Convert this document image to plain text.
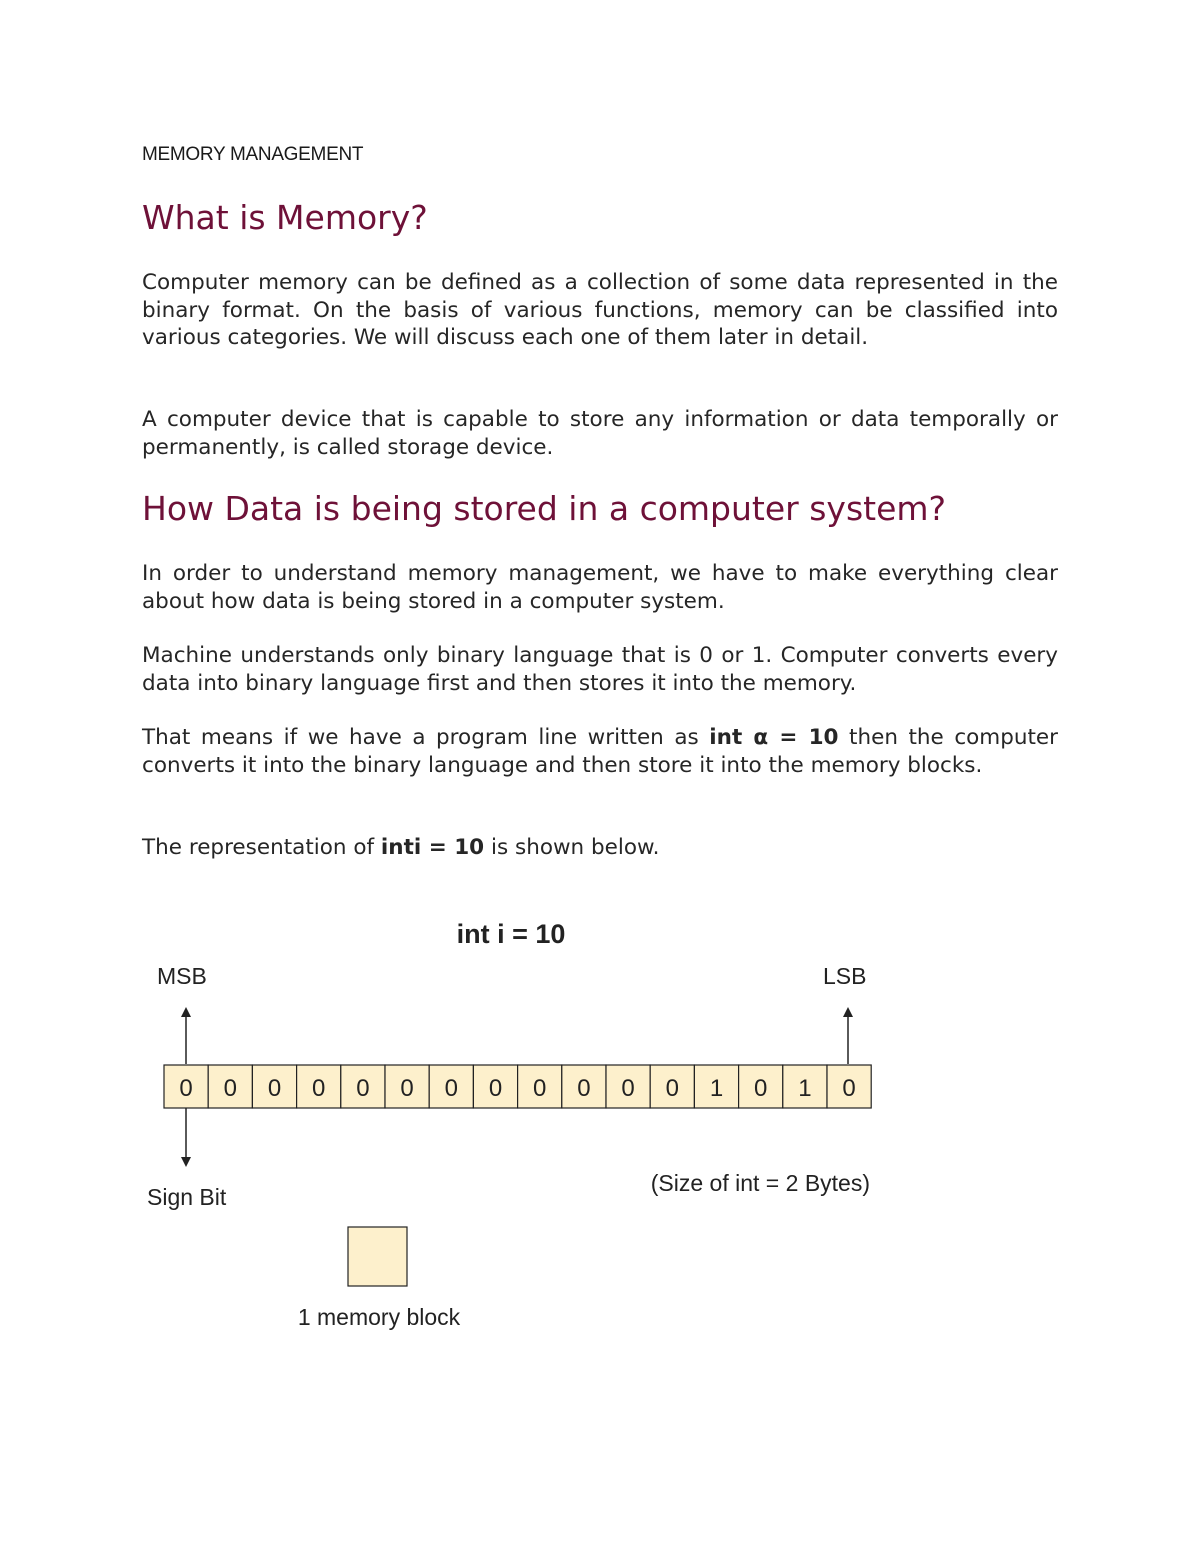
MEMORY MANAGEMENT
What is Memory?

Computer memory can be defined as a collection of some data represented in the binary format. On the basis of various functions, memory can be classified into various categories. We will discuss each one of them later in detail.

A computer device that is capable to store any information or data temporally or permanently, is called storage device.

How Data is being stored in a computer system?

In order to understand memory management, we have to make everything clear about how data is being stored in a computer system.

Machine understands only binary language that is 0 or 1. Computer converts every data into binary language first and then stores it into the memory.

That means if we have a program line written as int α = 10 then the computer converts it into the binary language and then store it into the memory blocks.

The representation of inti = 10 is shown below.

int i = 10
MSB	LSB
0 0 0 0 0 0 0 0 0 0 0 0 1 0 1 0
Sign Bit
(Size of int = 2 Bytes)
1 memory block
